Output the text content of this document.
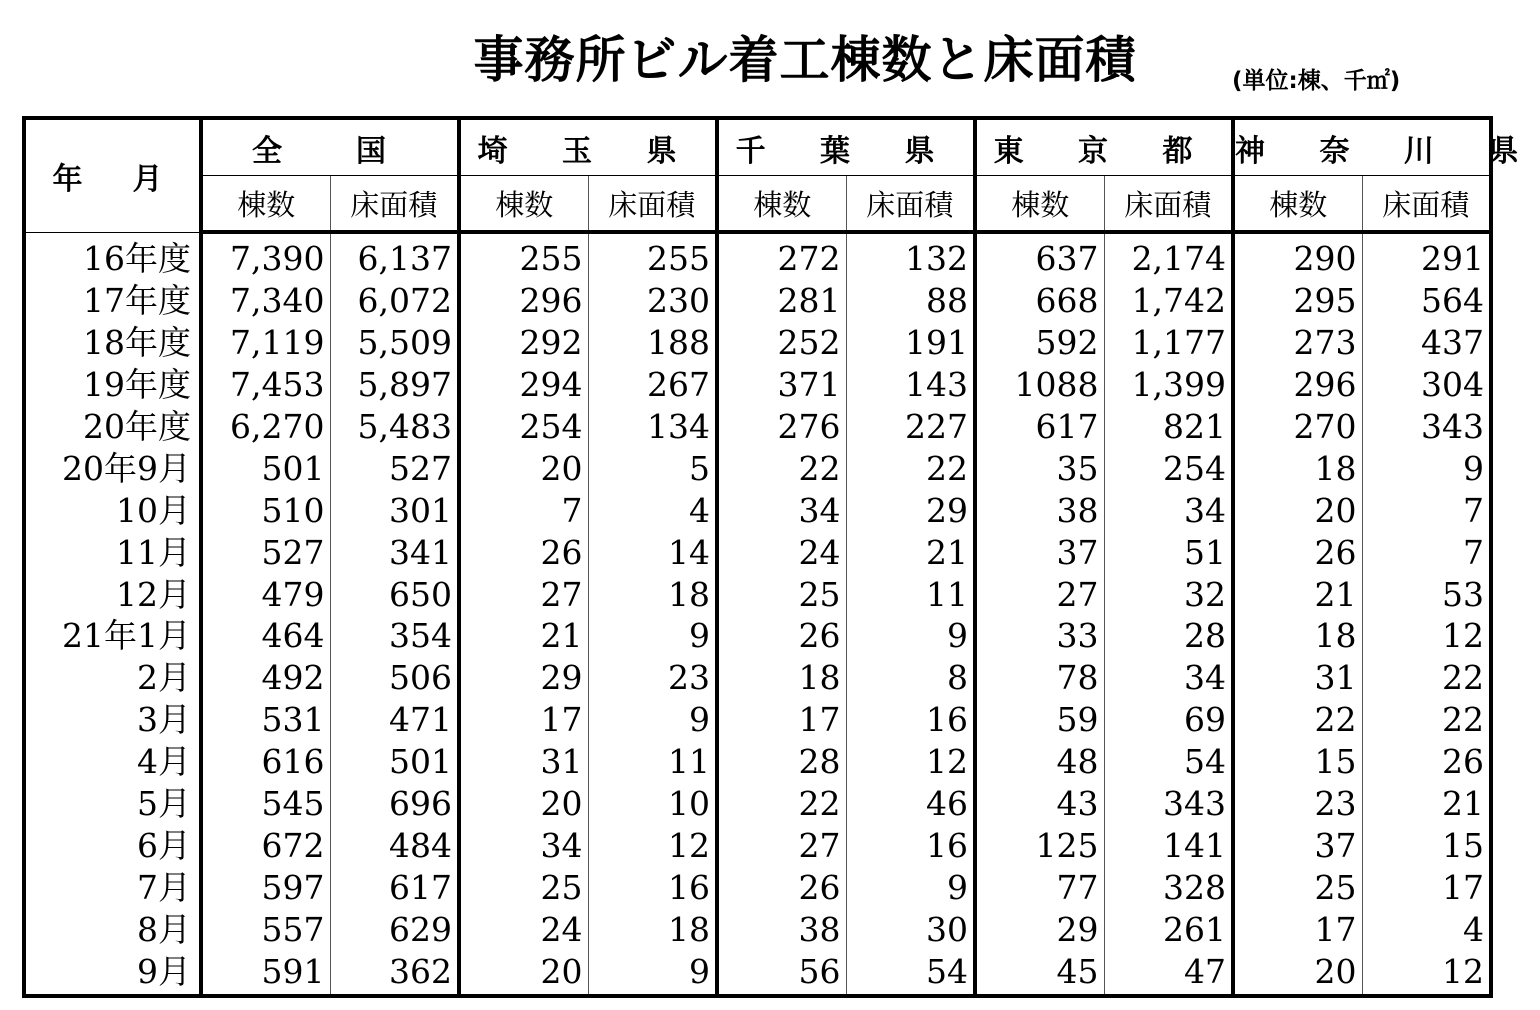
事務所ビル着工棟数と床面積	(単位:棟、千㎡)
年　月	全　国		埼 玉 県		千 葉 県		東 京 都		神 奈 川 県	
	棟数	床面積	棟数	床面積	棟数	床面積	棟数	床面積	棟数	床面積
16年度	7,390	6,137	255	255	272	132	637	2,174	290	291
17年度	7,340	6,072	296	230	281	88	668	1,742	295	564
18年度	7,119	5,509	292	188	252	191	592	1,177	273	437
19年度	7,453	5,897	294	267	371	143	1088	1,399	296	304
20年度	6,270	5,483	254	134	276	227	617	821	270	343
20年9月	501	527	20	5	22	22	35	254	18	9
10月	510	301	7	4	34	29	38	34	20	7
11月	527	341	26	14	24	21	37	51	26	7
12月	479	650	27	18	25	11	27	32	21	53
21年1月	464	354	21	9	26	9	33	28	18	12
2月	492	506	29	23	18	8	78	34	31	22
3月	531	471	17	9	17	16	59	69	22	22
4月	616	501	31	11	28	12	48	54	15	26
5月	545	696	20	10	22	46	43	343	23	21
6月	672	484	34	12	27	16	125	141	37	15
7月	597	617	25	16	26	9	77	328	25	17
8月	557	629	24	18	38	30	29	261	17	4
9月	591	362	20	9	56	54	45	47	20	12
